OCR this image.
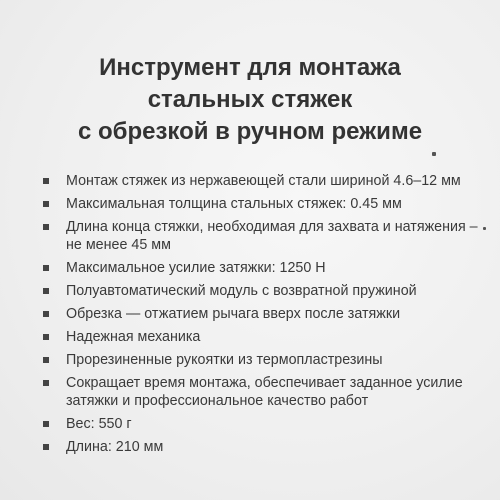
Инструмент для монтажа
стальных стяжек
с обрезкой в ручном режиме
Монтаж стяжек из нержавеющей стали шириной 4.6–12 мм
Максимальная толщина стальных стяжек: 0.45 мм
Длина конца стяжки, необходимая для захвата и натяжения – не менее 45 мм
Максимальное усилие затяжки: 1250 Н
Полуавтоматический модуль с возвратной пружиной
Обрезка — отжатием рычага вверх после затяжки
Надежная механика
Прорезиненные рукоятки из термопластрезины
Сокращает время монтажа, обеспечивает заданное усилие затяжки и профессиональное качество работ
Вес: 550 г
Длина: 210 мм
